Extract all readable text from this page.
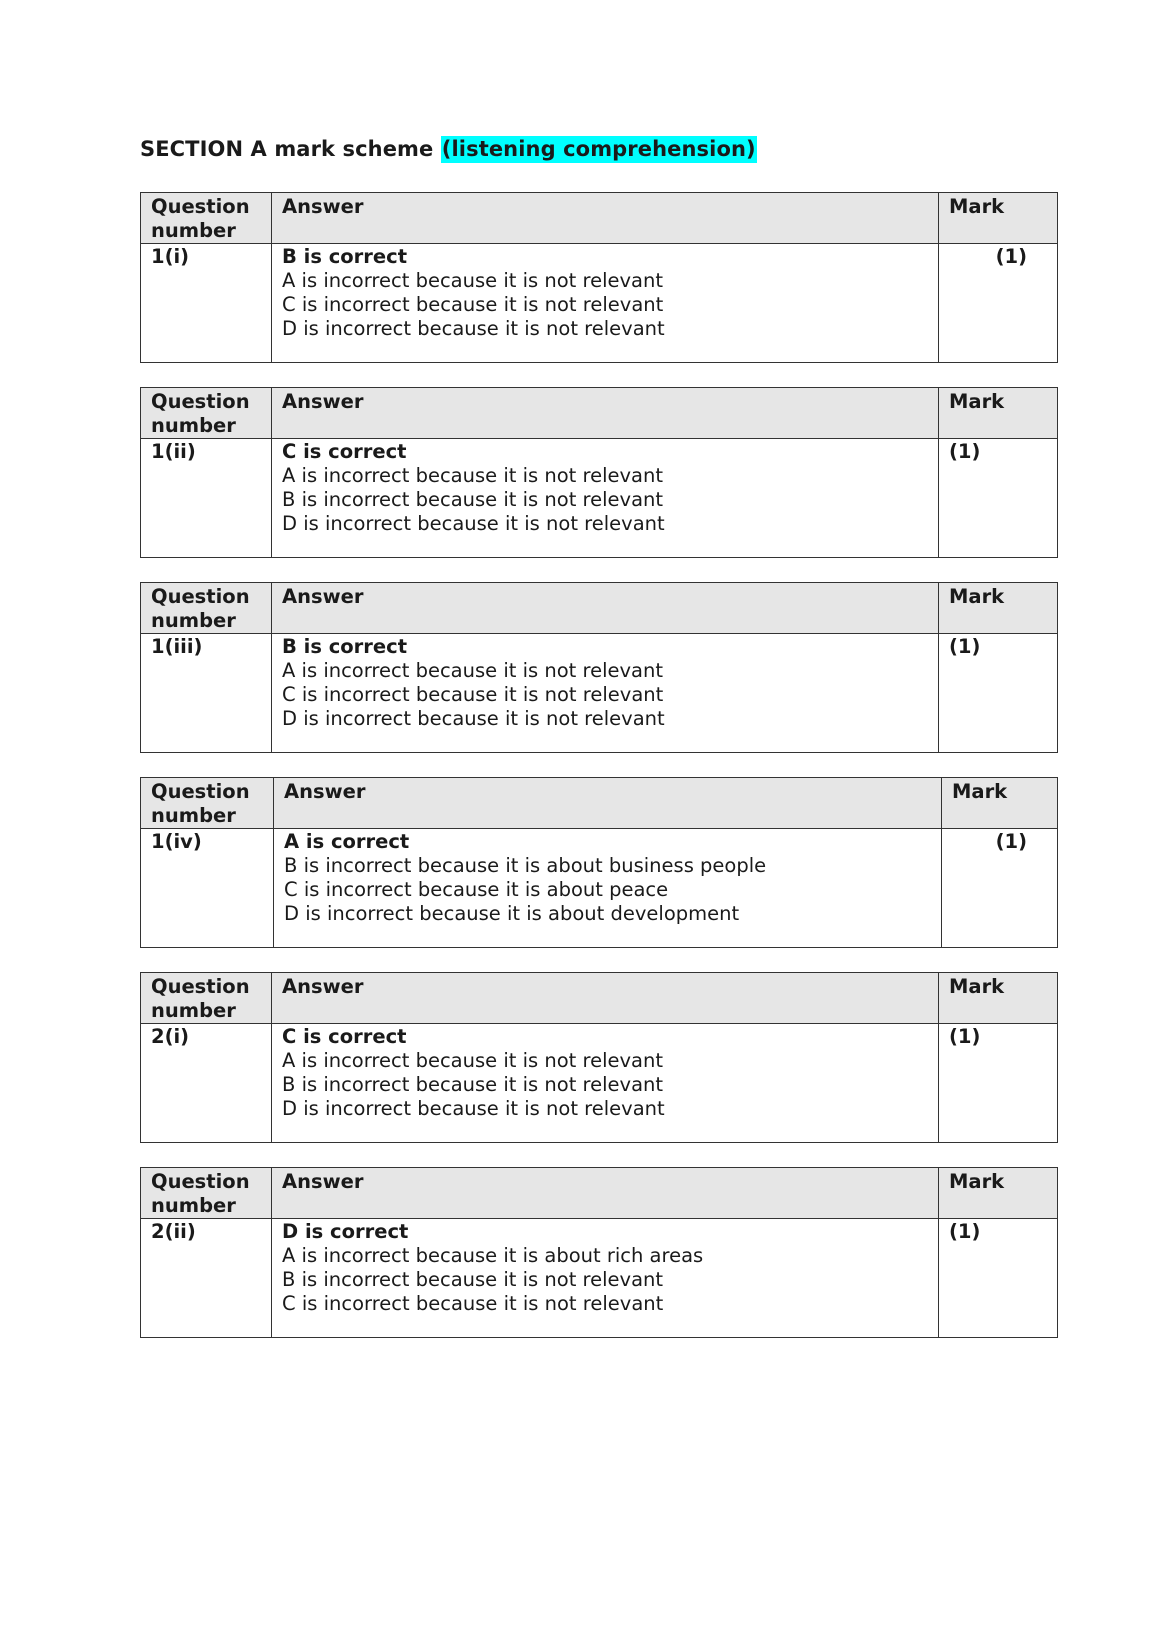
SECTION A mark scheme (listening comprehension)
Question number	Answer	Mark
1(i)	B is correct
A is incorrect because it is not relevant
C is incorrect because it is not relevant
D is incorrect because it is not relevant	(1)
Question number	Answer	Mark
1(ii)	C is correct
A is incorrect because it is not relevant
B is incorrect because it is not relevant
D is incorrect because it is not relevant	(1)
Question number	Answer	Mark
1(iii)	B is correct
A is incorrect because it is not relevant
C is incorrect because it is not relevant
D is incorrect because it is not relevant	(1)
Question number	Answer	Mark
1(iv)	A is correct
B is incorrect because it is about business people
C is incorrect because it is about peace
D is incorrect because it is about development	(1)
Question number	Answer	Mark
2(i)	C is correct
A is incorrect because it is not relevant
B is incorrect because it is not relevant
D is incorrect because it is not relevant	(1)
Question number	Answer	Mark
2(ii)	D is correct
A is incorrect because it is about rich areas
B is incorrect because it is not relevant
C is incorrect because it is not relevant	(1)
